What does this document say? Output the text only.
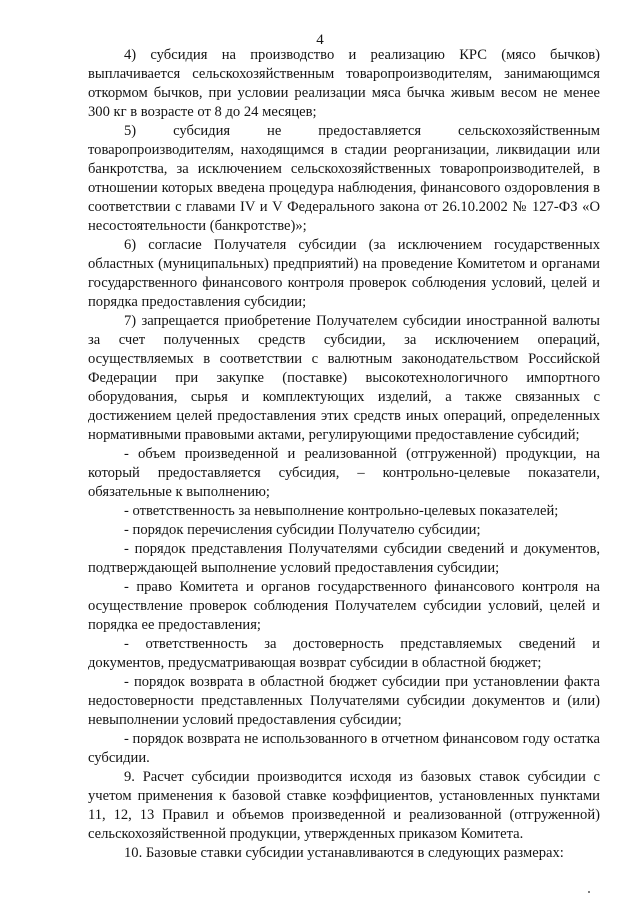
4

4) субсидия на производство и реализацию КРС (мясо бычков) выплачивается сельскохозяйственным товаропроизводителям, занимающимся откормом бычков, при условии реализации мяса бычка живым весом не менее 300 кг в возрасте от 8 до 24 месяцев;

5) субсидия не предоставляется сельскохозяйственным товаропроизводителям, находящимся в стадии реорганизации, ликвидации или банкротства, за исключением сельскохозяйственных товаропроизводителей, в отношении которых введена процедура наблюдения, финансового оздоровления в соответствии с главами IV и V Федерального закона от 26.10.2002 № 127-ФЗ «О несостоятельности (банкротстве)»;

6) согласие Получателя субсидии (за исключением государственных областных (муниципальных) предприятий) на проведение Комитетом и органами государственного финансового контроля проверок соблюдения условий, целей и порядка предоставления субсидии;

7) запрещается приобретение Получателем субсидии иностранной валюты за счет полученных средств субсидии, за исключением операций, осуществляемых в соответствии с валютным законодательством Российской Федерации при закупке (поставке) высокотехнологичного импортного оборудования, сырья и комплектующих изделий, а также связанных с достижением целей предоставления этих средств иных операций, определенных нормативными правовыми актами, регулирующими предоставление субсидий;

- объем произведенной и реализованной (отгруженной) продукции, на который предоставляется субсидия, – контрольно-целевые показатели, обязательные к выполнению;

- ответственность за невыполнение контрольно-целевых показателей;

- порядок перечисления субсидии Получателю субсидии;

- порядок представления Получателями субсидии сведений и документов, подтверждающей выполнение условий предоставления субсидии;

- право Комитета и органов государственного финансового контроля на осуществление проверок соблюдения Получателем субсидии условий, целей и порядка ее предоставления;

- ответственность за достоверность представляемых сведений и документов, предусматривающая возврат субсидии в областной бюджет;

- порядок возврата в областной бюджет субсидии при установлении факта недостоверности представленных Получателями субсидии документов и (или) невыполнении условий предоставления субсидии;

- порядок возврата не использованного в отчетном финансовом году остатка субсидии.

9. Расчет субсидии производится исходя из базовых ставок субсидии с учетом применения к базовой ставке коэффициентов, установленных пунктами 11, 12, 13 Правил и объемов произведенной и реализованной (отгруженной) сельскохозяйственной продукции, утвержденных приказом Комитета.

10. Базовые ставки субсидии устанавливаются в следующих размерах:
